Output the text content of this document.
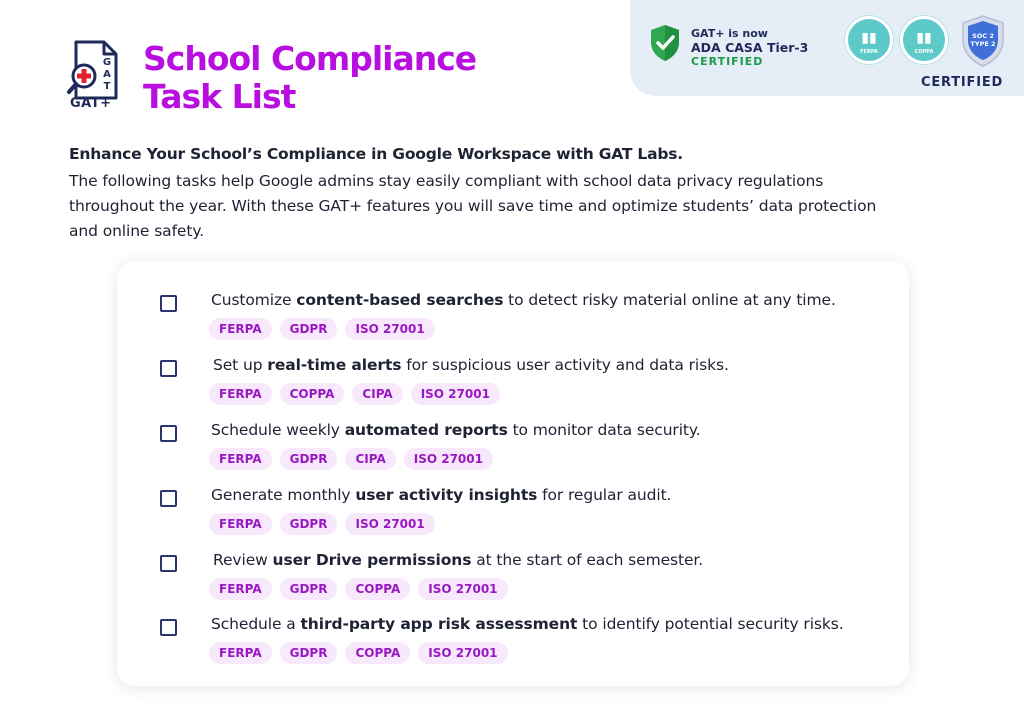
G
A
T
GAT+
School Compliance
Task List
GAT+ is now
ADA CASA Tier-3
CERTIFIED
▮▮
FERPA
▮▮
COPPA
SOC 2
TYPE 2
CERTIFIED
Enhance Your School’s Compliance in Google Workspace with GAT Labs.

The following tasks help Google admins stay easily compliant with school data privacy regulations throughout the year. With these GAT+ features you will save time and optimize students’ data protection and online safety.

Customize content-based searches to detect risky material online at any time.
FERPA	GDPR	ISO 27001
Set up real-time alerts for suspicious user activity and data risks.
FERPA	COPPA	CIPA	ISO 27001
Schedule weekly automated reports to monitor data security.
FERPA	GDPR	CIPA	ISO 27001
Generate monthly user activity insights for regular audit.
FERPA	GDPR	ISO 27001
Review user Drive permissions at the start of each semester.
FERPA	GDPR	COPPA	ISO 27001
Schedule a third-party app risk assessment to identify potential security risks.
FERPA	GDPR	COPPA	ISO 27001
